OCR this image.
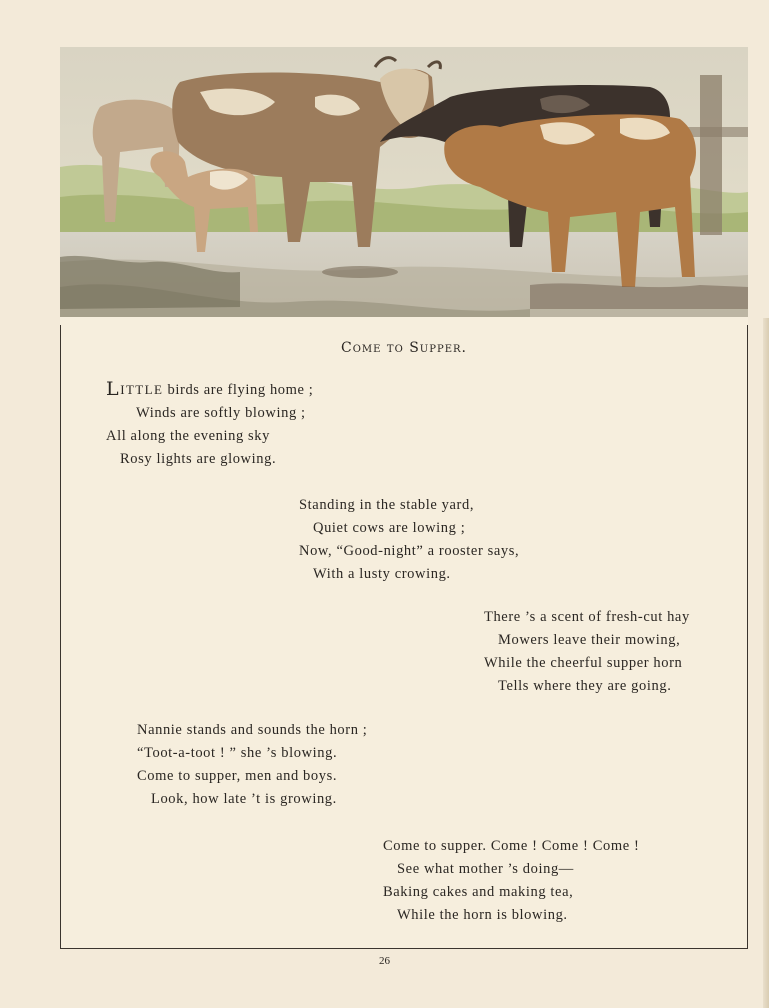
Come to Supper.
LITTLE birds are flying home ;
Winds are softly blowing ;
All along the evening sky
Rosy lights are glowing.
Standing in the stable yard,
Quiet cows are lowing ;
Now, “Good-night” a rooster says,
With a lusty crowing.
There ’s a scent of fresh-cut hay
Mowers leave their mowing,
While the cheerful supper horn
Tells where they are going.
Nannie stands and sounds the horn ;
“Toot-a-toot ! ” she ’s blowing.
Come to supper, men and boys.
Look, how late ’t is growing.
Come to supper. Come ! Come ! Come !
See what mother ’s doing—
Baking cakes and making tea,
While the horn is blowing.
26
